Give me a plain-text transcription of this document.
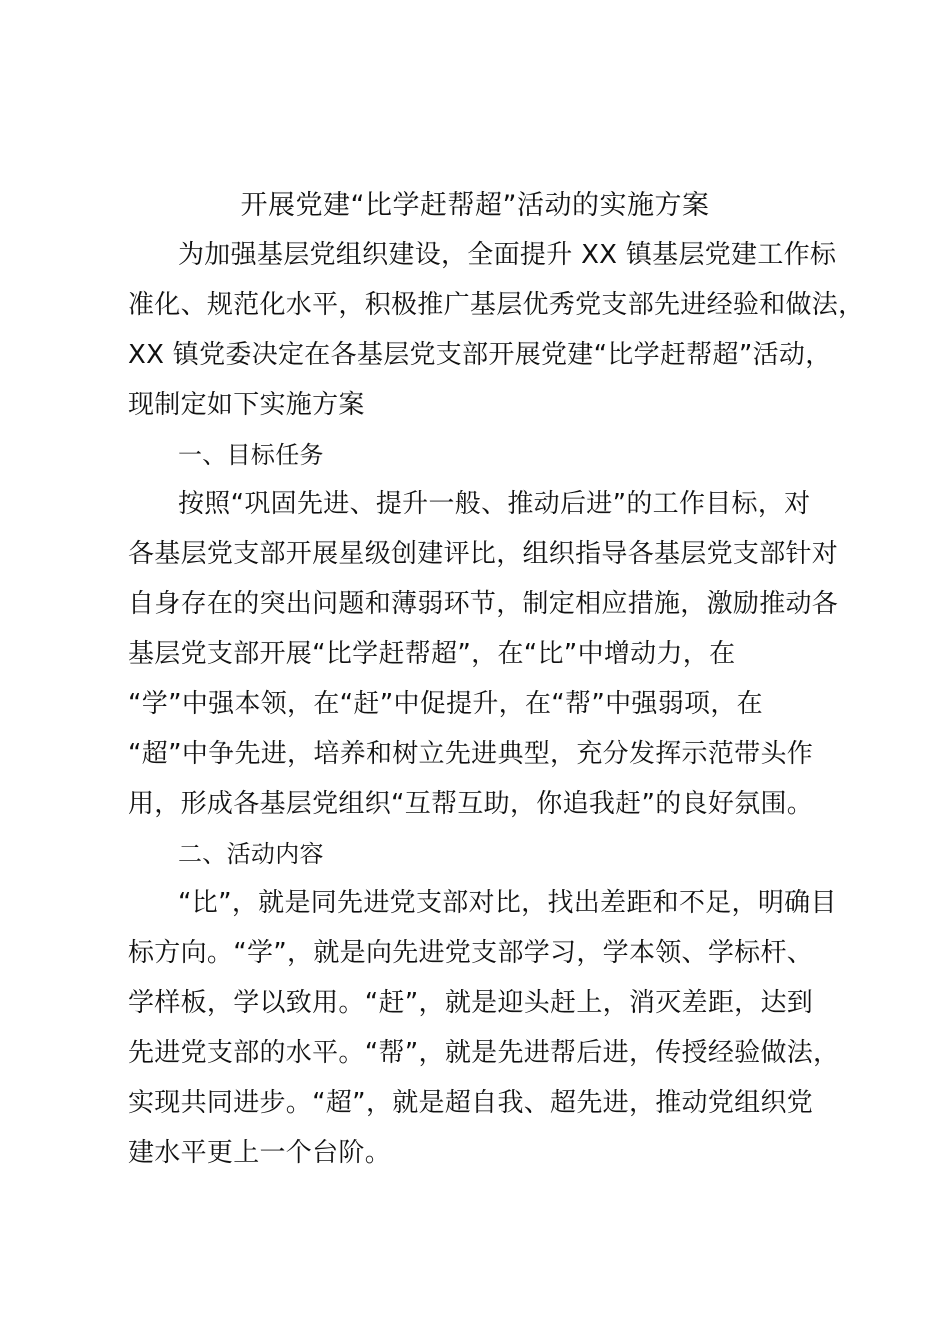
开展党建“比学赶帮超”活动的实施方案
为加强基层党组织建设，全面提升 XX 镇基层党建工作标
准化、规范化水平，积极推广基层优秀党支部先进经验和做法，
XX 镇党委决定在各基层党支部开展党建“比学赶帮超”活动，
现制定如下实施方案
一、目标任务
按照“巩固先进、提升一般、推动后进”的工作目标，对
各基层党支部开展星级创建评比，组织指导各基层党支部针对
自身存在的突出问题和薄弱环节，制定相应措施，激励推动各
基层党支部开展“比学赶帮超”，在“比”中增动力，在
“学”中强本领，在“赶”中促提升，在“帮”中强弱项，在
“超”中争先进，培养和树立先进典型，充分发挥示范带头作
用，形成各基层党组织“互帮互助，你追我赶”的良好氛围。
二、活动内容
“比”，就是同先进党支部对比，找出差距和不足，明确目
标方向。“学”，就是向先进党支部学习，学本领、学标杆、
学样板，学以致用。“赶”，就是迎头赶上，消灭差距，达到
先进党支部的水平。“帮”，就是先进帮后进，传授经验做法，
实现共同进步。“超”，就是超自我、超先进，推动党组织党
建水平更上一个台阶。
